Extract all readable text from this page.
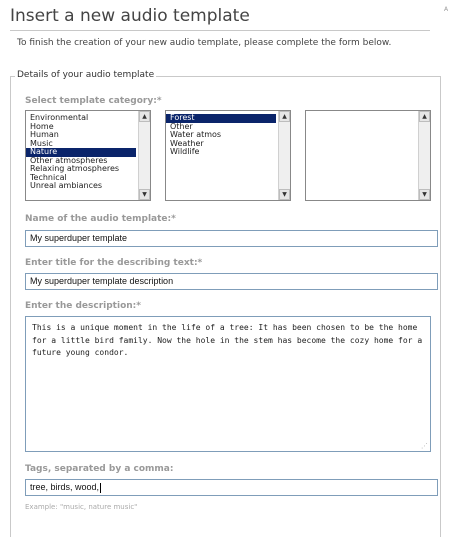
Insert a new audio template
To finish the creation of your new audio template, please complete the form below.
A
Details of your audio template
Select template category:*
Environmental
Home
Human
Music
Nature
Other atmospheres
Relaxing atmospheres
Technical
Unreal ambiances
▲
▼
Forest
Other
Water atmos
Weather
Wildlife
▲
▼
▲
▼
Name of the audio template:*
My superduper template
Enter title for the describing text:*
My superduper template description
Enter the description:*
This is a unique moment in the life of a tree: It has been chosen to be the home for a little bird family. Now the hole in the stem has become the cozy home for a future young condor.
⋰
Tags, separated by a comma:
tree, birds, wood,
Example: "music, nature music"
